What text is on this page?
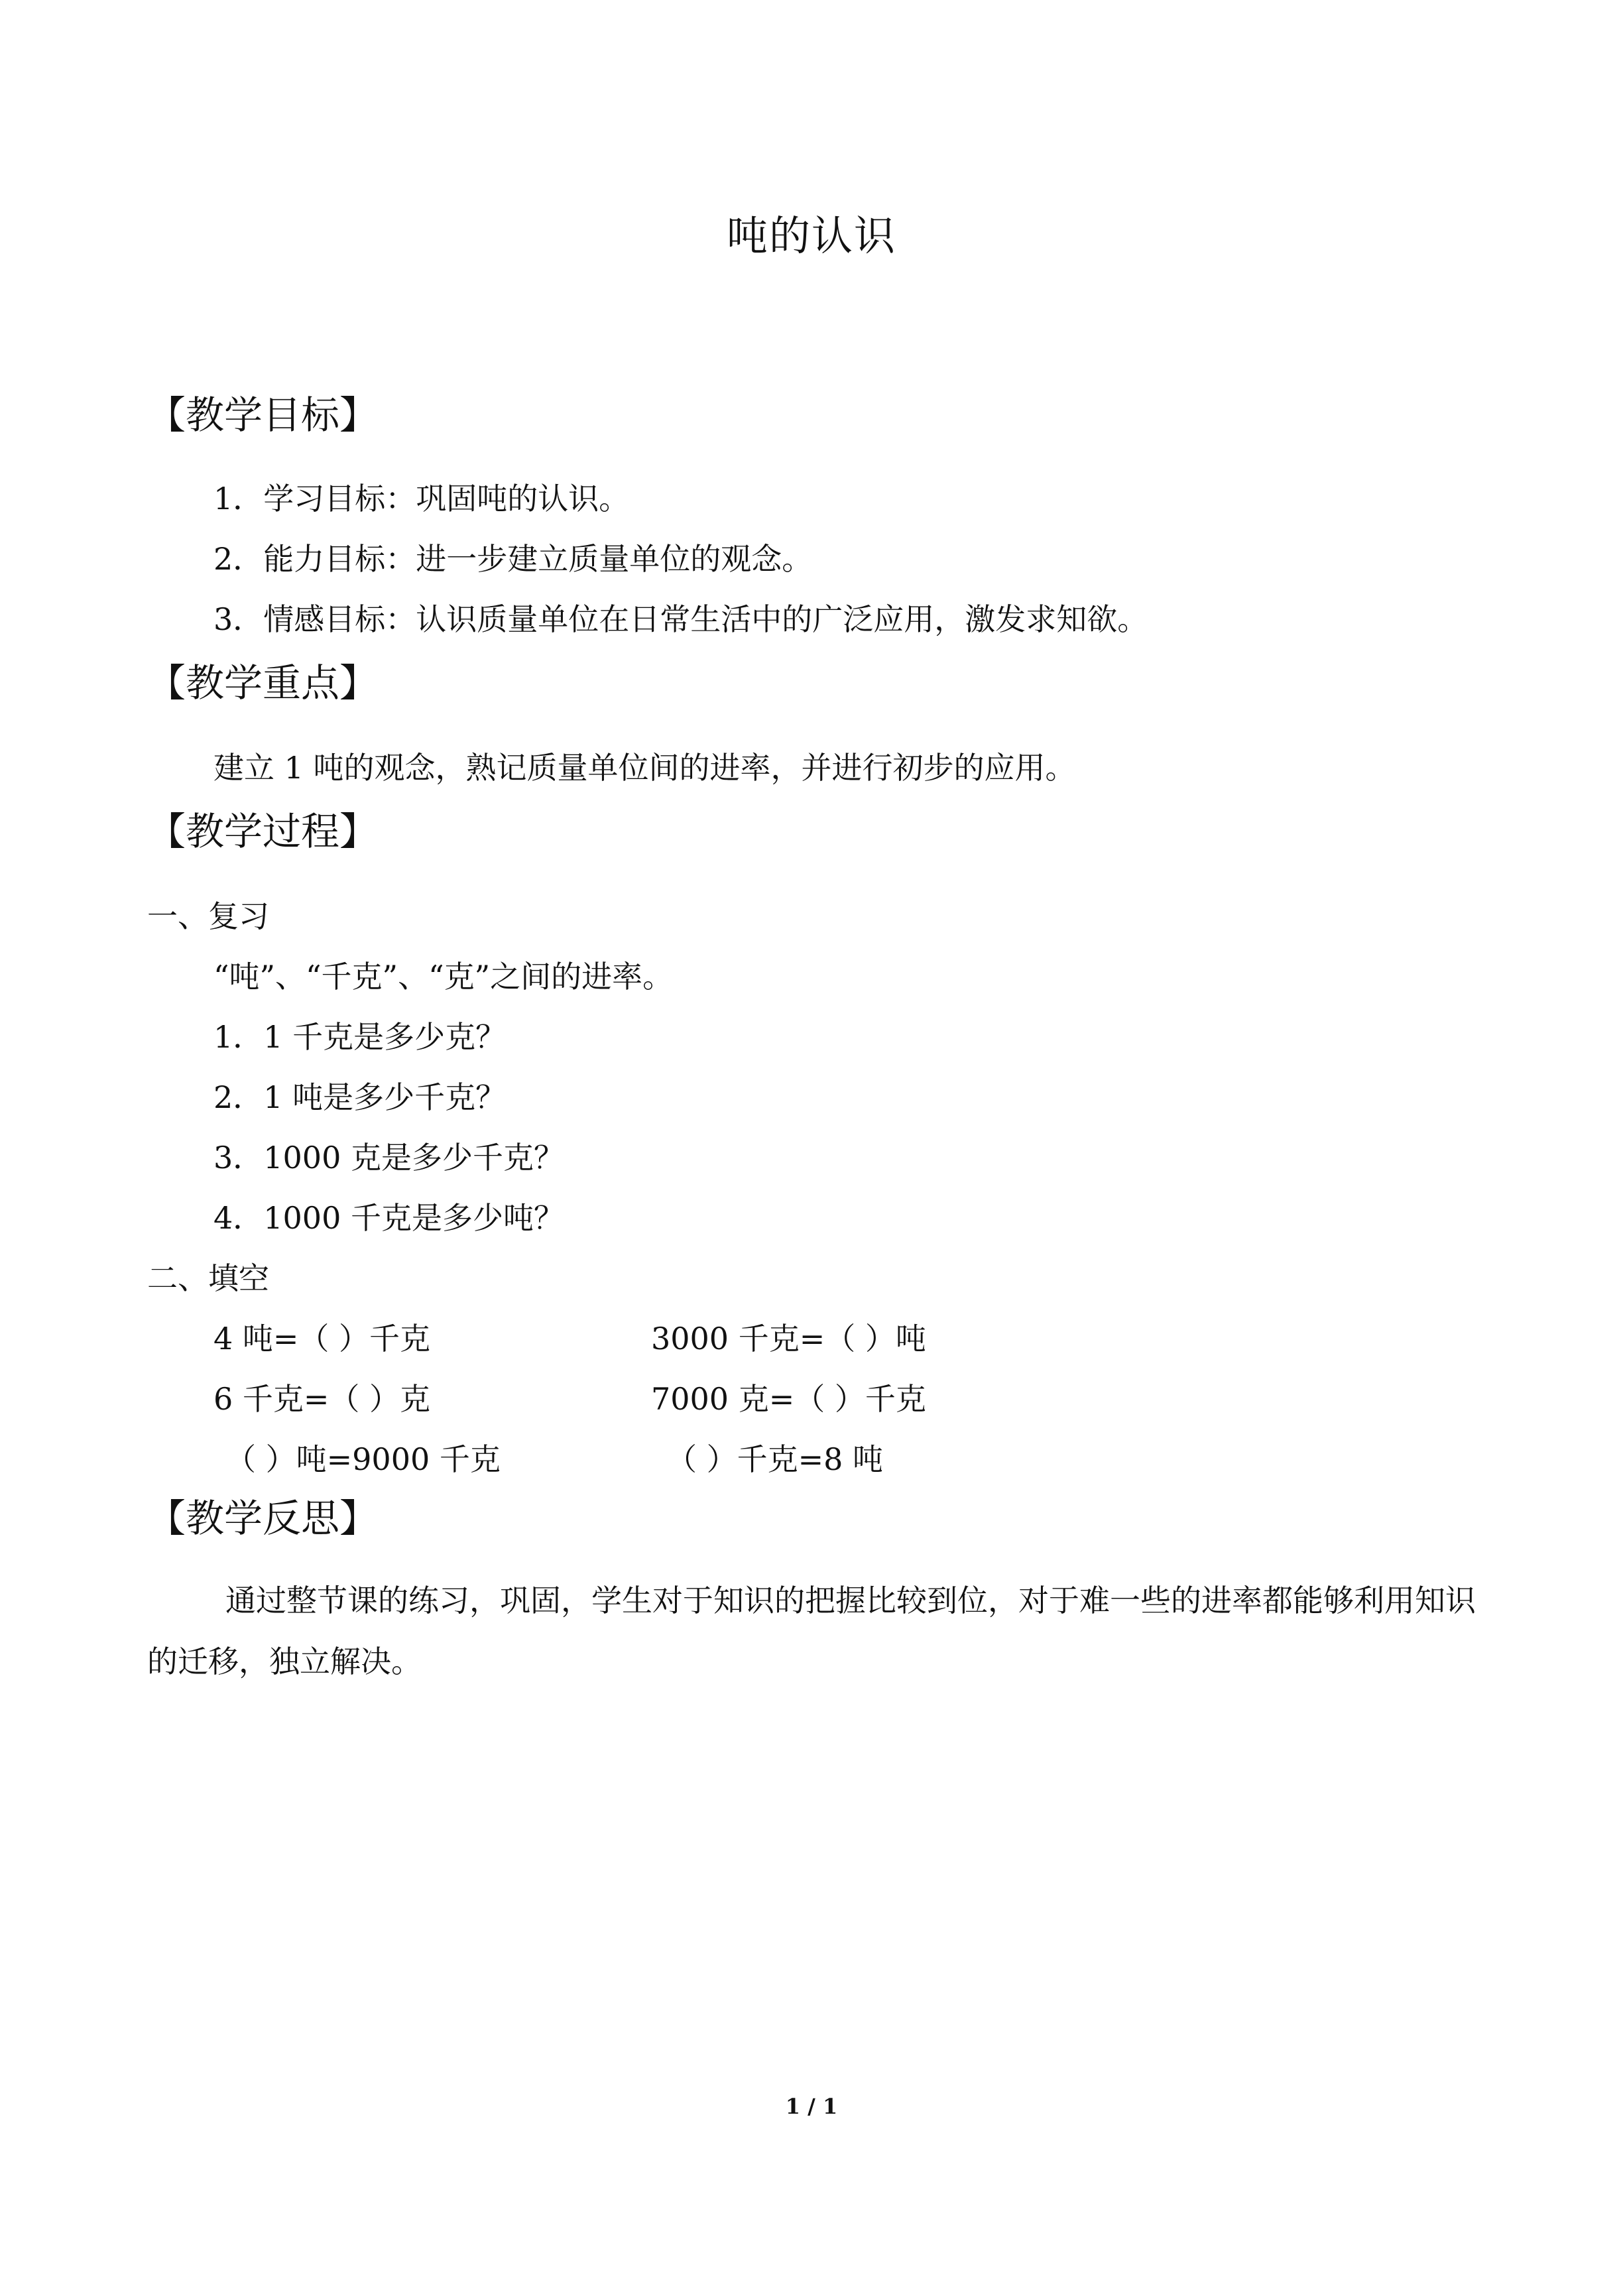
吨的认识
【教学目标】
1．学习目标：巩固吨的认识。
2．能力目标：进一步建立质量单位的观念。
3．情感目标：认识质量单位在日常生活中的广泛应用，激发求知欲。
【教学重点】
建立 1 吨的观念，熟记质量单位间的进率，并进行初步的应用。
【教学过程】
一、复习
“吨”、“千克”、“克”之间的进率。
1．1 千克是多少克？
2．1 吨是多少千克？
3．1000 克是多少千克？
4．1000 千克是多少吨？
二、填空
4 吨=（ ）千克	3000 千克=（ ）吨
6 千克=（ ）克	7000 克=（ ）千克
（ ）吨=9000 千克	（ ）千克=8 吨
【教学反思】
通过整节课的练习，巩固，学生对于知识的把握比较到位，对于难一些的进率都能够利用知识的迁移，独立解决。
1 / 1
